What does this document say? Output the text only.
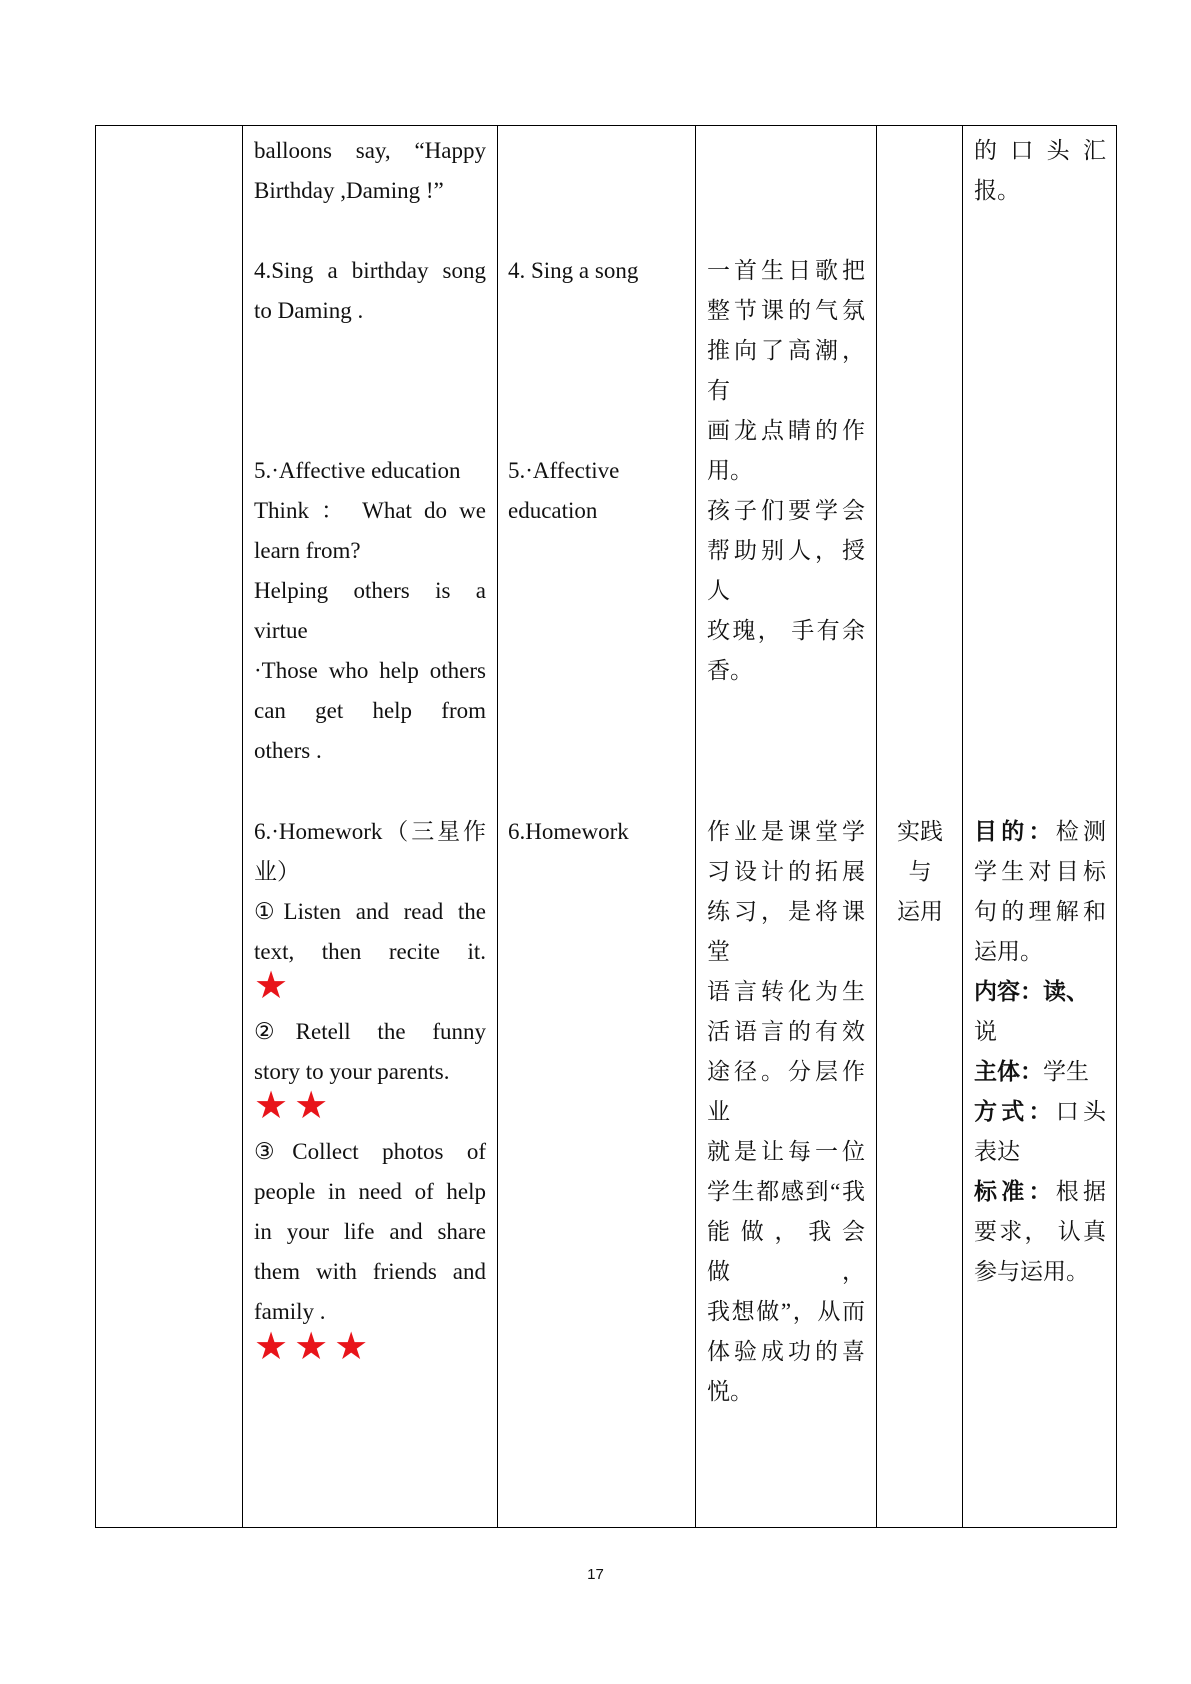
balloons say, “Happy

Birthday ,Daming !”

4.Sing a birthday song

to Daming .

5.·Affective education

Think ： What do we

learn from?

Helping others is a

virtue

·Those who help others

can get help from

others .

6.·Homework（三星作

业）

①Listen and read the

text, then recite it.

★

②Retell the funny

story to your parents.

★★

③Collect photos of

people in need of help

in your life and share

them with friends and

family .

★★★
4. Sing a song

5.·Affective

education

6.Homework

一首生日歌把

整节课的气氛

推向了高潮，有

画龙点睛的作

用。

孩子们要学会

帮助别人，授人

玫瑰， 手有余

香。

作业是课堂学

习设计的拓展

练习，是将课堂

语言转化为生

活语言的有效

途径。分层作业

就是让每一位

学生都感到“我

能做，我会做，

我想做”，从而

体验成功的喜

悦。

实践

与

运用

的 口 头 汇

报。

目的：检测

学生对目标

句的理解和

运用。

内容：读、

说

主体：学生

方式：口头

表达

标准：根据

要求， 认真

参与运用。

17
